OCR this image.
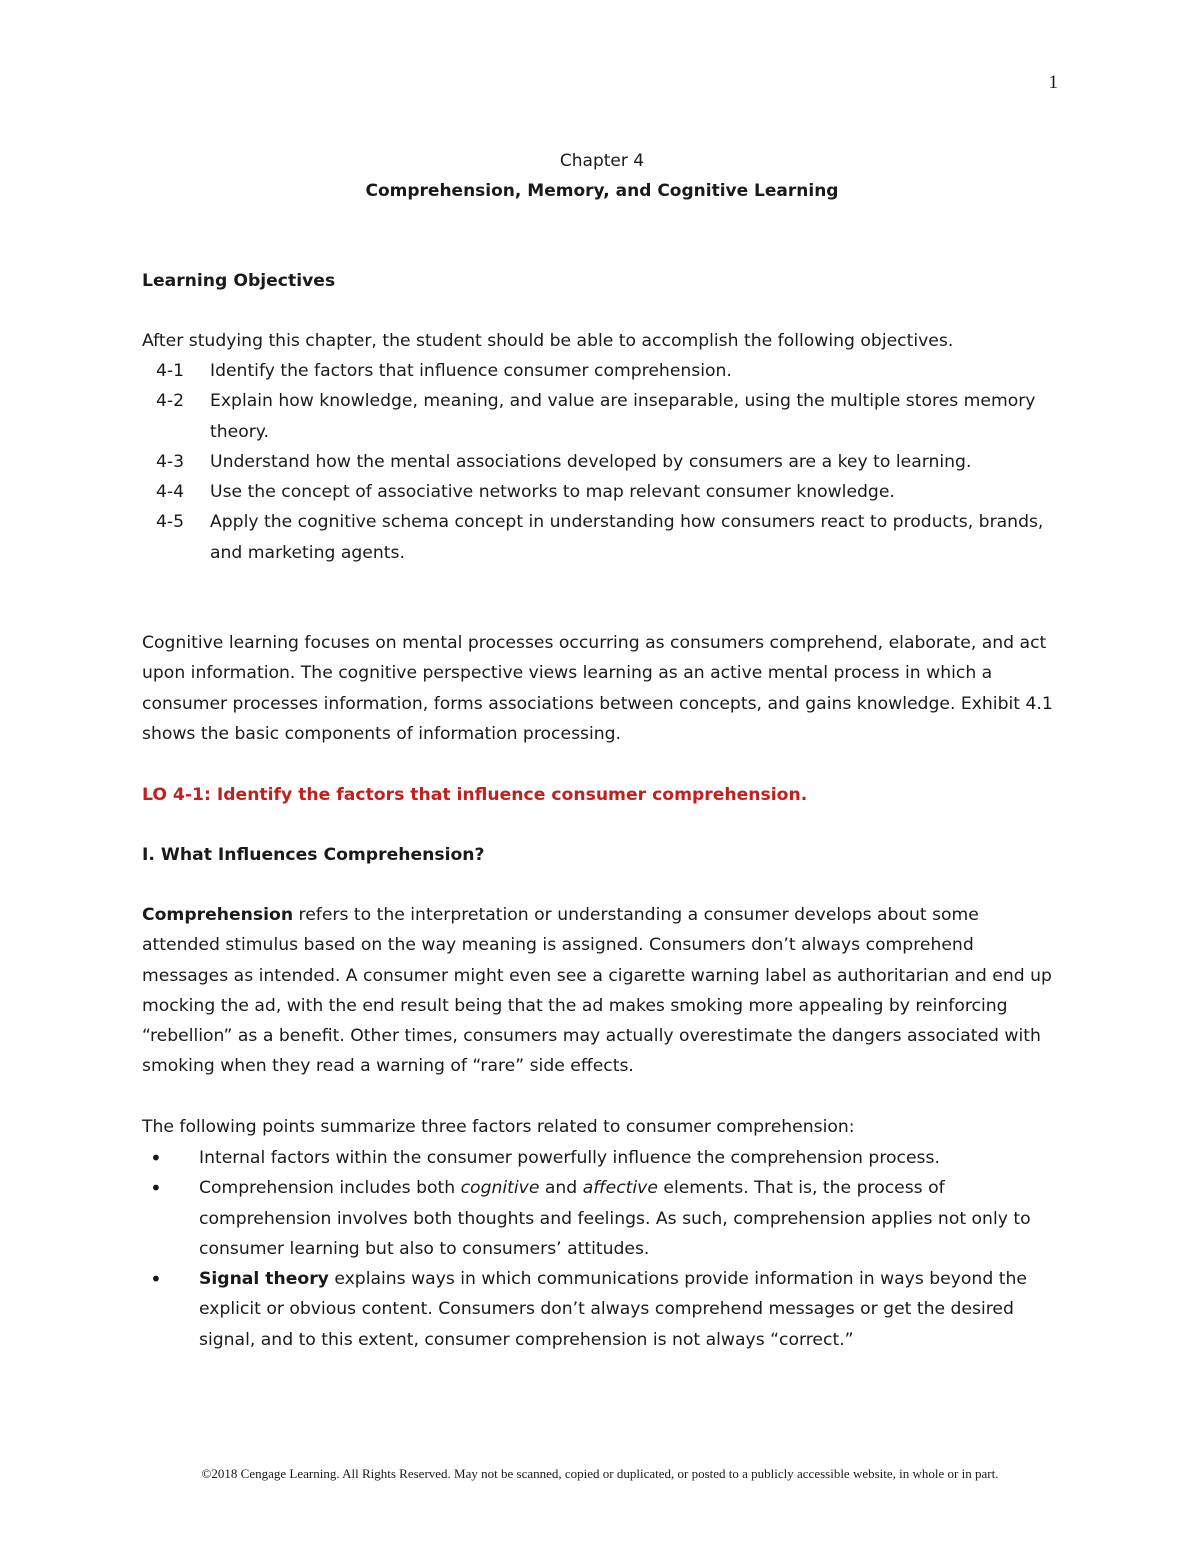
1
Chapter 4
Comprehension, Memory, and Cognitive Learning
Learning Objectives
After studying this chapter, the student should be able to accomplish the following objectives.
4-1	Identify the factors that influence consumer comprehension.
4-2	Explain how knowledge, meaning, and value are inseparable, using the multiple stores memory theory.
4-3	Understand how the mental associations developed by consumers are a key to learning.
4-4	Use the concept of associative networks to map relevant consumer knowledge.
4-5	Apply the cognitive schema concept in understanding how consumers react to products, brands, and marketing agents.
Cognitive learning focuses on mental processes occurring as consumers comprehend, elaborate, and act upon information. The cognitive perspective views learning as an active mental process in which a consumer processes information, forms associations between concepts, and gains knowledge. Exhibit 4.1 shows the basic components of information processing.
LO 4-1: Identify the factors that influence consumer comprehension.
I. What Influences Comprehension?
Comprehension refers to the interpretation or understanding a consumer develops about some attended stimulus based on the way meaning is assigned. Consumers don’t always comprehend messages as intended. A consumer might even see a cigarette warning label as authoritarian and end up mocking the ad, with the end result being that the ad makes smoking more appealing by reinforcing “rebellion” as a benefit. Other times, consumers may actually overestimate the dangers associated with smoking when they read a warning of “rare” side effects.
The following points summarize three factors related to consumer comprehension:
•	Internal factors within the consumer powerfully influence the comprehension process.
•	Comprehension includes both cognitive and affective elements. That is, the process of comprehension involves both thoughts and feelings. As such, comprehension applies not only to consumer learning but also to consumers’ attitudes.
•	Signal theory explains ways in which communications provide information in ways beyond the explicit or obvious content. Consumers don’t always comprehend messages or get the desired signal, and to this extent, consumer comprehension is not always “correct.”
©2018 Cengage Learning. All Rights Reserved. May not be scanned, copied or duplicated, or posted to a publicly accessible website, in whole or in part.
